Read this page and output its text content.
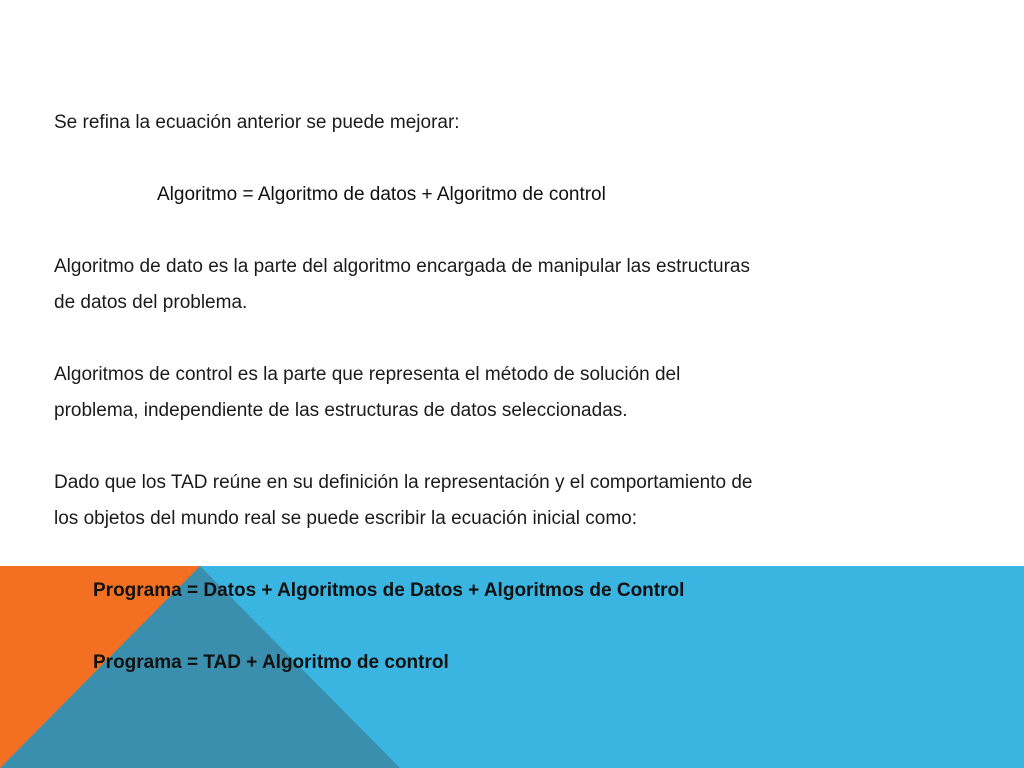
Se refina la ecuación anterior se puede mejorar:

Algoritmo = Algoritmo de datos + Algoritmo de control

Algoritmo de dato es la parte del algoritmo encargada de manipular las estructuras

de datos del problema.

Algoritmos de control es la parte que representa el método de solución del

problema, independiente de las estructuras de datos seleccionadas.

Dado que los TAD reúne en su definición la representación y el comportamiento de

los objetos del mundo real se puede escribir la ecuación inicial como:

Programa = Datos + Algoritmos de Datos + Algoritmos de Control

Programa = TAD + Algoritmo de control
